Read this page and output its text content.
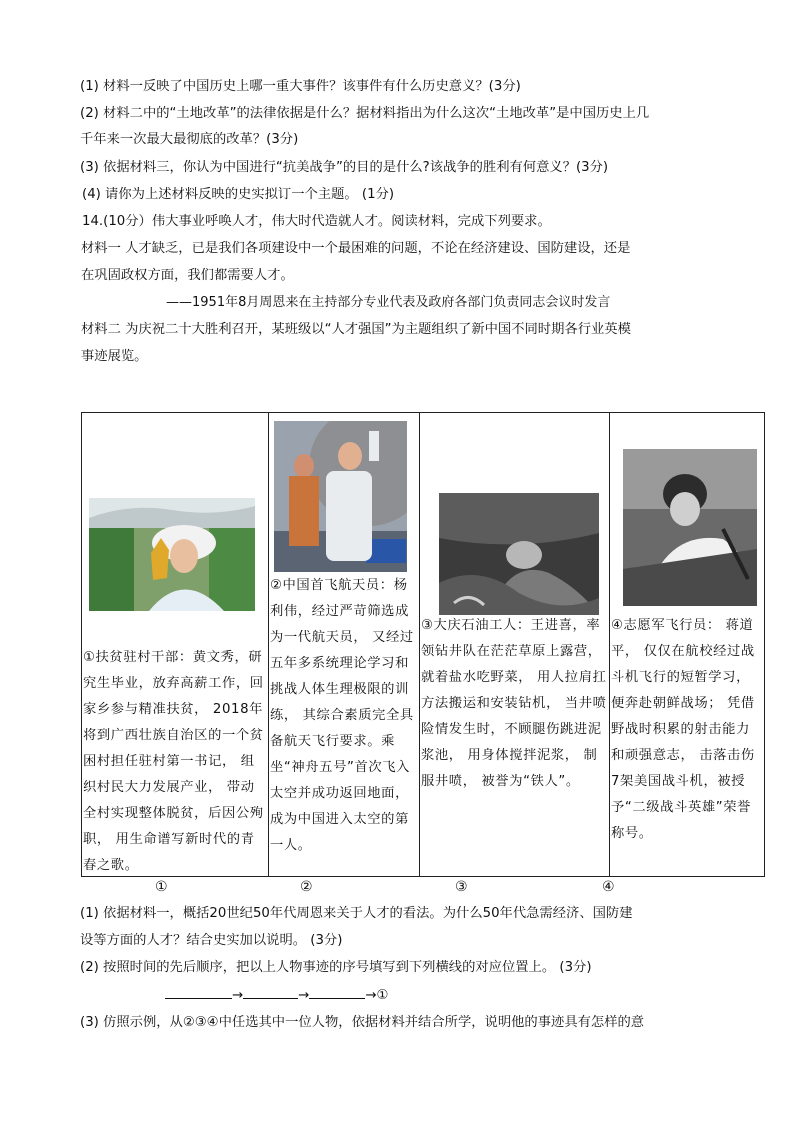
(1) 材料一反映了中国历史上哪一重大事件？该事件有什么历史意义？(3分)
(2) 材料二中的“土地改革”的法律依据是什么？据材料指出为什么这次“土地改革”是中国历史上几
千年来一次最大最彻底的改革？(3分)
(3) 依据材料三，你认为中国进行“抗美战争”的目的是什么?该战争的胜利有何意义？(3分)
(4) 请你为上述材料反映的史实拟订一个主题。 (1分)
14.(10分）伟大事业呼唤人才，伟大时代造就人才。阅读材料，完成下列要求。
材料一 人才缺乏，已是我们各项建设中一个最困难的问题，不论在经济建设、国防建设，还是
在巩固政权方面，我们都需要人才。
——1951年8月周恩来在主持部分专业代表及政府各部门负责同志会议时发言
材料二 为庆祝二十大胜利召开，某班级以“人才强国”为主题组织了新中国不同时期各行业英模
事迹展览。
①扶贫驻村干部：黄文秀，研究生毕业，放弃高薪工作，回家乡参与精准扶贫， 2018年将到广西壮族自治区的一个贫困村担任驻村第一书记， 组织村民大力发展产业， 带动全村实现整体脱贫，后因公殉职， 用生命谱写新时代的青春之歌。

②中国首飞航天员：杨利伟，经过严苛筛选成为一代航天员， 又经过五年多系统理论学习和挑战人体生理极限的训练， 其综合素质完全具备航天飞行要求。乘坐“神舟五号”首次飞入太空并成功返回地面，成为中国进入太空的第一人。

③大庆石油工人：王进喜，率领钻井队在茫茫草原上露营，就着盐水吃野菜， 用人拉肩扛方法搬运和安装钻机， 当井喷险情发生时，不顾腿伤跳进泥浆池， 用身体搅拌泥浆， 制服井喷， 被誉为“铁人”。

④志愿军飞行员： 蒋道平， 仅仅在航校经过战斗机飞行的短暂学习，便奔赴朝鲜战场； 凭借野战时积累的射击能力和顽强意志， 击落击伤7架美国战斗机，被授予“二级战斗英雄”荣誉称号。
①	②	③	④
(1) 依据材料一，概括20世纪50年代周恩来关于人才的看法。为什么50年代急需经济、国防建
设等方面的人才？结合史实加以说明。 (3分)
(2) 按照时间的先后顺序，把以上人物事迹的序号填写到下列横线的对应位置上。 (3分)
→	→	→①
(3) 仿照示例，从②③④中任选其中一位人物，依据材料并结合所学，说明他的事迹具有怎样的意
